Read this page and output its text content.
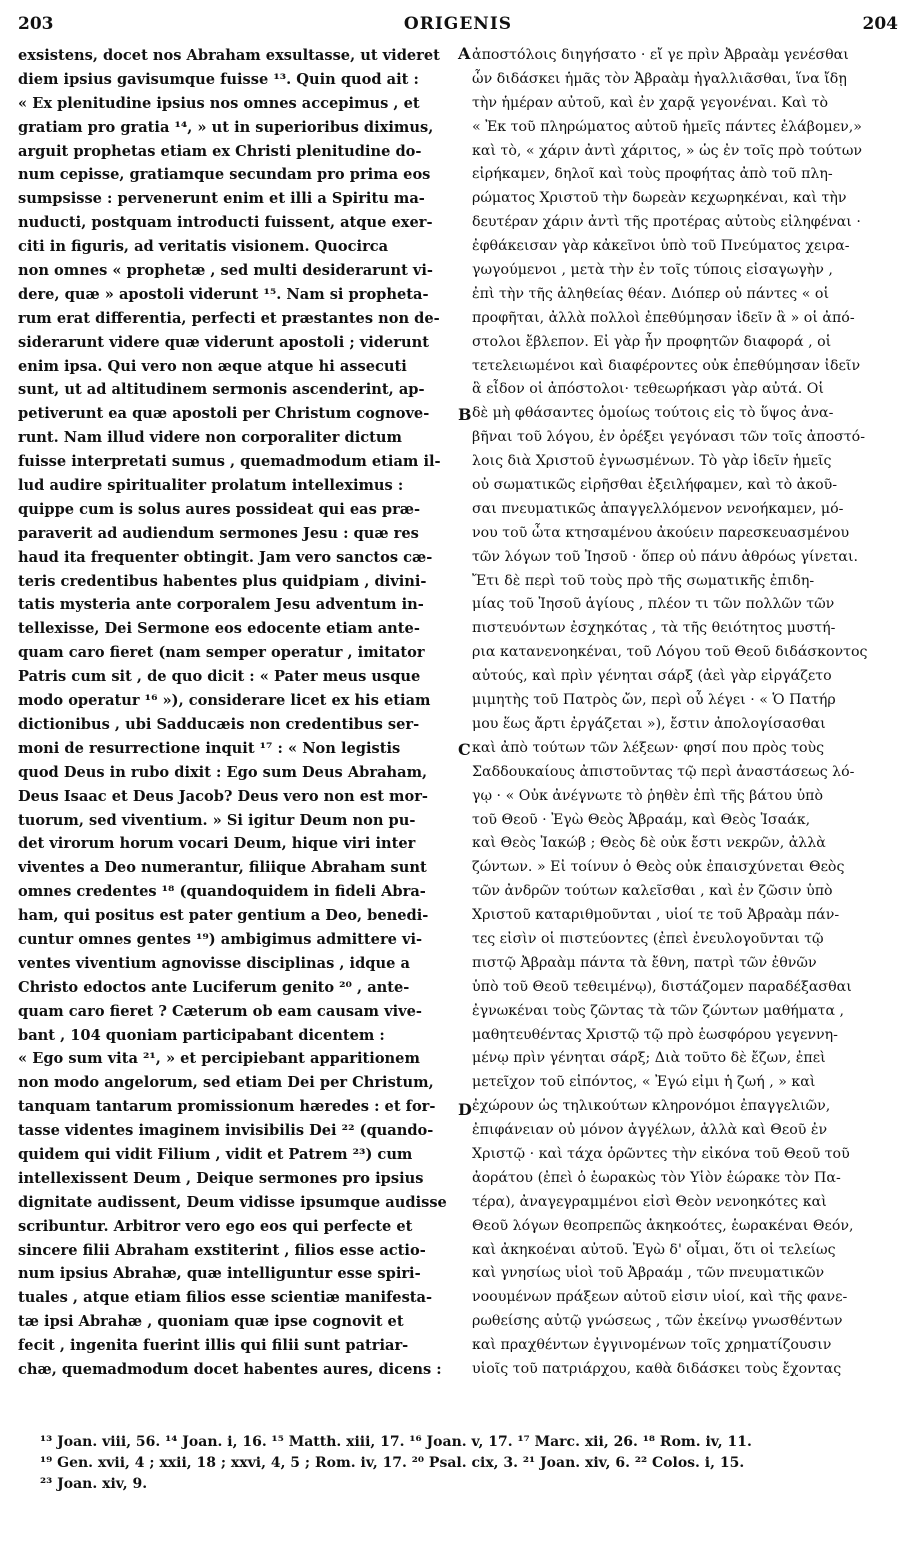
203	ORIGENIS	204
exsistens, docet nos Abraham exsultasse, ut videret
diem ipsius gavisumque fuisse ¹³. Quin quod ait :
« Ex plenitudine ipsius nos omnes accepimus , et
gratiam pro gratia ¹⁴, » ut in superioribus diximus,
arguit prophetas etiam ex Christi plenitudine do-
num cepisse, gratiamque secundam pro prima eos
sumpsisse : pervenerunt enim et illi a Spiritu ma-
nuducti, postquam introducti fuissent, atque exer-
citi in figuris, ad veritatis visionem. Quocirca
non omnes « prophetæ , sed multi desiderarunt vi-
dere, quæ » apostoli viderunt ¹⁵. Nam si propheta-
rum erat differentia, perfecti et præstantes non de-
siderarunt videre quæ viderunt apostoli ; viderunt
enim ipsa. Qui vero non æque atque hi assecuti
sunt, ut ad altitudinem sermonis ascenderint, ap-
petiverunt ea quæ apostoli per Christum cognove-
runt. Nam illud videre non corporaliter dictum
fuisse interpretati sumus , quemadmodum etiam il-
lud audire spiritualiter prolatum intelleximus :
quippe cum is solus aures possideat qui eas præ-
paraverit ad audiendum sermones Jesu : quæ res
haud ita frequenter obtingit. Jam vero sanctos cæ-
teris credentibus habentes plus quidpiam , divini-
tatis mysteria ante corporalem Jesu adventum in-
tellexisse, Dei Sermone eos edocente etiam ante-
quam caro fieret (nam semper operatur , imitator
Patris cum sit , de quo dicit : « Pater meus usque
modo operatur ¹⁶ »), considerare licet ex his etiam
dictionibus , ubi Sadducæis non credentibus ser-
moni de resurrectione inquit ¹⁷ : « Non legistis
quod Deus in rubo dixit : Ego sum Deus Abraham,
Deus Isaac et Deus Jacob? Deus vero non est mor-
tuorum, sed viventium. » Si igitur Deum non pu-
det virorum horum vocari Deum, hique viri inter
viventes a Deo numerantur, filiique Abraham sunt
omnes credentes ¹⁸ (quandoquidem in fideli Abra-
ham, qui positus est pater gentium a Deo, benedi-
cuntur omnes gentes ¹⁹) ambigimus admittere vi-
ventes viventium agnovisse disciplinas , idque a
Christo edoctos ante Luciferum genito ²⁰ , ante-
quam caro fieret ? Cæterum ob eam causam vive-
bant , 104 quoniam participabant dicentem :
« Ego sum vita ²¹, » et percipiebant apparitionem
non modo angelorum, sed etiam Dei per Christum,
tanquam tantarum promissionum hæredes : et for-
tasse videntes imaginem invisibilis Dei ²² (quando-
quidem qui vidit Filium , vidit et Patrem ²³) cum
intellexissent Deum , Deique sermones pro ipsius
dignitate audissent, Deum vidisse ipsumque audisse
scribuntur. Arbitror vero ego eos qui perfecte et
sincere filii Abraham exstiterint , filios esse actio-
num ipsius Abrahæ, quæ intelliguntur esse spiri-
tuales , atque etiam filios esse scientiæ manifesta-
tæ ipsi Abrahæ , quoniam quæ ipse cognovit et
fecit , ingenita fuerint illis qui filii sunt patriar-
chæ, quemadmodum docet habentes aures, dicens :
ἀποστόλοις διηγήσατο · εἴ γε πρὶν Ἀβραὰμ γενέσθαι
ὧν διδάσκει ἡμᾶς τὸν Ἀβραὰμ ἠγαλλιᾶσθαι, ἵνα ἴδῃ
τὴν ἡμέραν αὐτοῦ, καὶ ἐν χαρᾷ γεγονέναι. Καὶ τὸ
« Ἐκ τοῦ πληρώματος αὐτοῦ ἡμεῖς πάντες ἐλάβομεν,»
καὶ τὸ, « χάριν ἀντὶ χάριτος, » ὡς ἐν τοῖς πρὸ τούτων
εἰρήκαμεν, δηλοῖ καὶ τοὺς προφήτας ἀπὸ τοῦ πλη-
ρώματος Χριστοῦ τὴν δωρεὰν κεχωρηκέναι, καὶ τὴν
δευτέραν χάριν ἀντὶ τῆς προτέρας αὐτοὺς εἰληφέναι ·
ἐφθάκεισαν γὰρ κἀκεῖνοι ὑπὸ τοῦ Πνεύματος χειρα-
γωγούμενοι , μετὰ τὴν ἐν τοῖς τύποις εἰσαγωγὴν ,
ἐπὶ τὴν τῆς ἀληθείας θέαν. Διόπερ οὐ πάντες « οἱ
προφῆται, ἀλλὰ πολλοὶ ἐπεθύμησαν ἰδεῖν ἃ » οἱ ἀπό-
στολοι ἔβλεπον. Εἰ γὰρ ἦν προφητῶν διαφορά , οἱ
τετελειωμένοι καὶ διαφέροντες οὐκ ἐπεθύμησαν ἰδεῖν
ἃ εἶδον οἱ ἀπόστολοι· τεθεωρήκασι γὰρ αὐτά. Οἱ
δὲ μὴ φθάσαντες ὁμοίως τούτοις εἰς τὸ ὕψος ἀνα-
βῆναι τοῦ λόγου, ἐν ὀρέξει γεγόνασι τῶν τοῖς ἀποστό-
λοις διὰ Χριστοῦ ἐγνωσμένων. Τὸ γὰρ ἰδεῖν ἡμεῖς
οὐ σωματικῶς εἰρῆσθαι ἐξειλήφαμεν, καὶ τὸ ἀκοῦ-
σαι πνευματικῶς ἀπαγγελλόμενον νενοήκαμεν, μό-
νου τοῦ ὦτα κτησαμένου ἀκούειν παρεσκευασμένου
τῶν λόγων τοῦ Ἰησοῦ · ὅπερ οὐ πάνυ ἀθρόως γίνεται.
Ἔτι δὲ περὶ τοῦ τοὺς πρὸ τῆς σωματικῆς ἐπιδη-
μίας τοῦ Ἰησοῦ ἁγίους , πλέον τι τῶν πολλῶν τῶν
πιστευόντων ἐσχηκότας , τὰ τῆς θειότητος μυστή-
ρια κατανενοηκέναι, τοῦ Λόγου τοῦ Θεοῦ διδάσκοντος
αὐτούς, καὶ πρὶν γένηται σάρξ (ἀεὶ γὰρ εἰργάζετο
μιμητὴς τοῦ Πατρὸς ὤν, περὶ οὗ λέγει · « Ὁ Πατήρ
μου ἕως ἄρτι ἐργάζεται »), ἔστιν ἀπολογίσασθαι
καὶ ἀπὸ τούτων τῶν λέξεων· φησί που πρὸς τοὺς
Σαδδουκαίους ἀπιστοῦντας τῷ περὶ ἀναστάσεως λό-
γῳ · « Οὐκ ἀνέγνωτε τὸ ῥηθὲν ἐπὶ τῆς βάτου ὑπὸ
τοῦ Θεοῦ · Ἐγὼ Θεὸς Ἀβραάμ, καὶ Θεὸς Ἰσαάκ,
καὶ Θεὸς Ἰακώβ ; Θεὸς δὲ οὐκ ἔστι νεκρῶν, ἀλλὰ
ζώντων. » Εἰ τοίνυν ὁ Θεὸς οὐκ ἐπαισχύνεται Θεὸς
τῶν ἀνδρῶν τούτων καλεῖσθαι , καὶ ἐν ζῶσιν ὑπὸ
Χριστοῦ καταριθμοῦνται , υἱοί τε τοῦ Ἀβραὰμ πάν-
τες εἰσὶν οἱ πιστεύοντες (ἐπεὶ ἐνευλογοῦνται τῷ
πιστῷ Ἀβραὰμ πάντα τὰ ἔθνη, πατρὶ τῶν ἐθνῶν
ὑπὸ τοῦ Θεοῦ τεθειμένῳ), διστάζομεν παραδέξασθαι
ἐγνωκέναι τοὺς ζῶντας τὰ τῶν ζώντων μαθήματα ,
μαθητευθέντας Χριστῷ τῷ πρὸ ἑωσφόρου γεγεννη-
μένῳ πρὶν γένηται σάρξ; Διὰ τοῦτο δὲ ἔζων, ἐπεὶ
μετεῖχον τοῦ εἰπόντος, « Ἐγώ εἰμι ἡ ζωή , » καὶ
ἐχώρουν ὡς τηλικούτων κληρονόμοι ἐπαγγελιῶν,
ἐπιφάνειαν οὐ μόνον ἀγγέλων, ἀλλὰ καὶ Θεοῦ ἐν
Χριστῷ · καὶ τάχα ὁρῶντες τὴν εἰκόνα τοῦ Θεοῦ τοῦ
ἀοράτου (ἐπεὶ ὁ ἑωρακὼς τὸν Υἱὸν ἑώρακε τὸν Πα-
τέρα), ἀναγεγραμμένοι εἰσὶ Θεὸν νενοηκότες καὶ
Θεοῦ λόγων θεοπρεπῶς ἀκηκοότες, ἑωρακέναι Θεόν,
καὶ ἀκηκοέναι αὐτοῦ. Ἐγὼ δ' οἶμαι, ὅτι οἱ τελείως
καὶ γνησίως υἱοὶ τοῦ Ἀβραάμ , τῶν πνευματικῶν
νοουμένων πράξεων αὐτοῦ εἰσιν υἱοί, καὶ τῆς φανε-
ρωθείσης αὐτῷ γνώσεως , τῶν ἐκείνῳ γνωσθέντων
καὶ πραχθέντων ἐγγινομένων τοῖς χρηματίζουσιν
υἱοῖς τοῦ πατριάρχου, καθὰ διδάσκει τοὺς ἔχοντας
A
B
C
D
¹³ Joan. viii, 56. ¹⁴ Joan. i, 16. ¹⁵ Matth. xiii, 17. ¹⁶ Joan. v, 17. ¹⁷ Marc. xii, 26. ¹⁸ Rom. iv, 11.
¹⁹ Gen. xvii, 4 ; xxii, 18 ; xxvi, 4, 5 ; Rom. iv, 17. ²⁰ Psal. cix, 3. ²¹ Joan. xiv, 6. ²² Colos. i, 15.
²³ Joan. xiv, 9.
